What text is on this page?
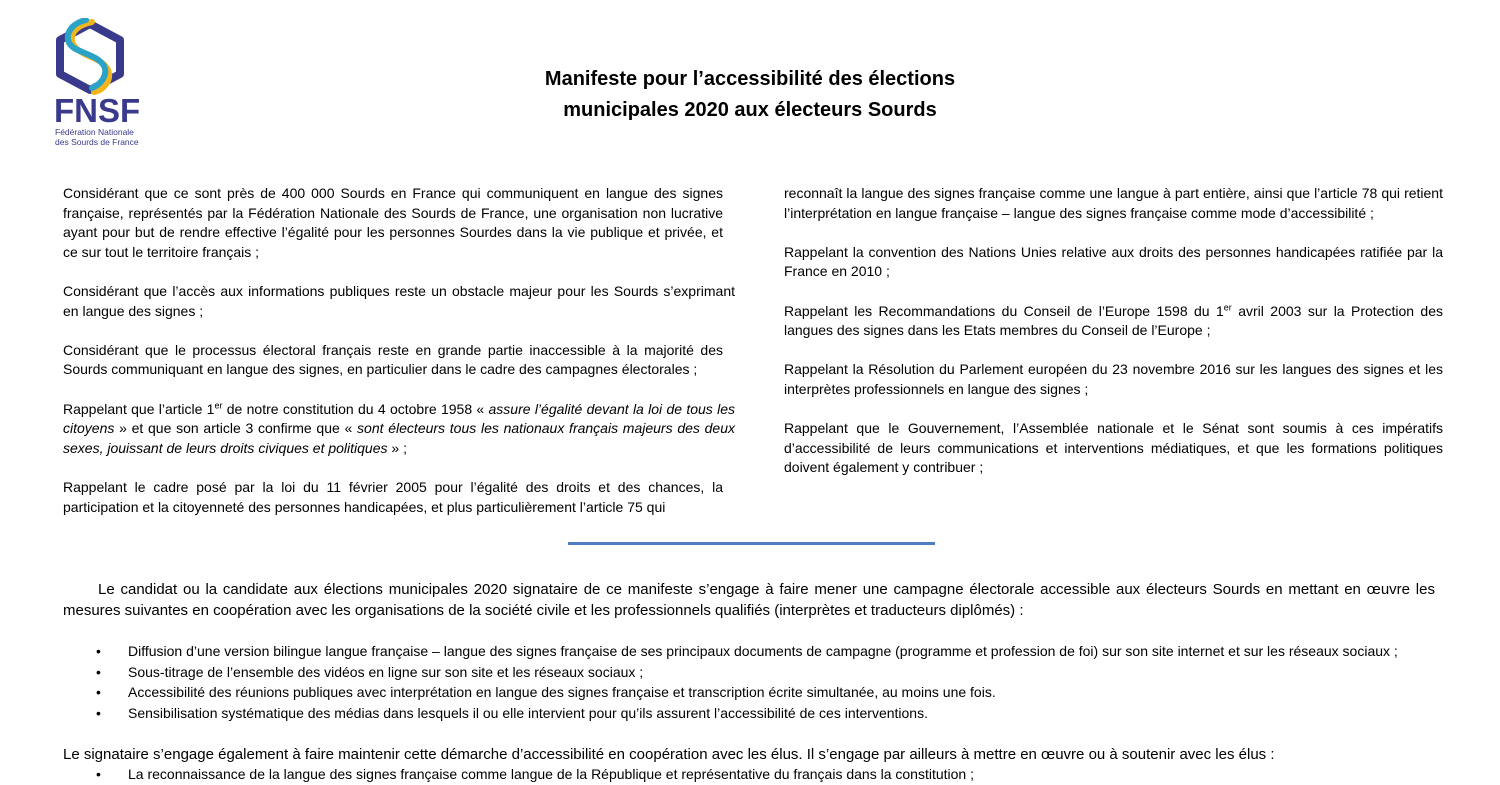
FNSF
Fédération Nationale
des Sourds de France
Manifeste pour l’accessibilité des élections
municipales 2020 aux électeurs Sourds

Considérant que ce sont près de 400 000 Sourds en France qui communiquent en langue des signes française, représentés par la Fédération Nationale des Sourds de France, une organisation non lucrative ayant pour but de rendre effective l’égalité pour les personnes Sourdes dans la vie publique et privée, et ce sur tout le territoire français ;

Considérant que l’accès aux informations publiques reste un obstacle majeur pour les Sourds s’exprimant en langue des signes ;

Considérant que le processus électoral français reste en grande partie inaccessible à la majorité des Sourds communiquant en langue des signes, en particulier dans le cadre des campagnes électorales ;

Rappelant que l’article 1er de notre constitution du 4 octobre 1958 « assure l’égalité devant la loi de tous les citoyens » et que son article 3 confirme que « sont électeurs tous les nationaux français majeurs des deux sexes, jouissant de leurs droits civiques et politiques » ;

Rappelant le cadre posé par la loi du 11 février 2005 pour l’égalité des droits et des chances, la participation et la citoyenneté des personnes handicapées, et plus particulièrement l’article 75 qui

reconnaît la langue des signes française comme une langue à part entière, ainsi que l’article 78 qui retient l’interprétation en langue française – langue des signes française comme mode d’accessibilité ;

Rappelant la convention des Nations Unies relative aux droits des personnes handicapées ratifiée par la France en 2010 ;

Rappelant les Recommandations du Conseil de l’Europe 1598 du 1er avril 2003 sur la Protection des langues des signes dans les Etats membres du Conseil de l’Europe ;

Rappelant la Résolution du Parlement européen du 23 novembre 2016 sur les langues des signes et les interprètes professionnels en langue des signes ;

Rappelant que le Gouvernement, l’Assemblée nationale et le Sénat sont soumis à ces impératifs d’accessibilité de leurs communications et interventions médiatiques, et que les formations politiques doivent également y contribuer ;

Le candidat ou la candidate aux élections municipales 2020 signataire de ce manifeste s’engage à faire mener une campagne électorale accessible aux électeurs Sourds en mettant en œuvre les mesures suivantes en coopération avec les organisations de la société civile et les professionnels qualifiés (interprètes et traducteurs diplômés) :

• Diffusion d’une version bilingue langue française – langue des signes française de ses principaux documents de campagne (programme et profession de foi) sur son site internet et sur les réseaux sociaux ;
• Sous-titrage de l’ensemble des vidéos en ligne sur son site et les réseaux sociaux ;
• Accessibilité des réunions publiques avec interprétation en langue des signes française et transcription écrite simultanée, au moins une fois.
• Sensibilisation systématique des médias dans lesquels il ou elle intervient pour qu’ils assurent l’accessibilité de ces interventions.

Le signataire s’engage également à faire maintenir cette démarche d’accessibilité en coopération avec les élus. Il s’engage par ailleurs à mettre en œuvre ou à soutenir avec les élus :

• La reconnaissance de la langue des signes française comme langue de la République et représentative du français dans la constitution ;
